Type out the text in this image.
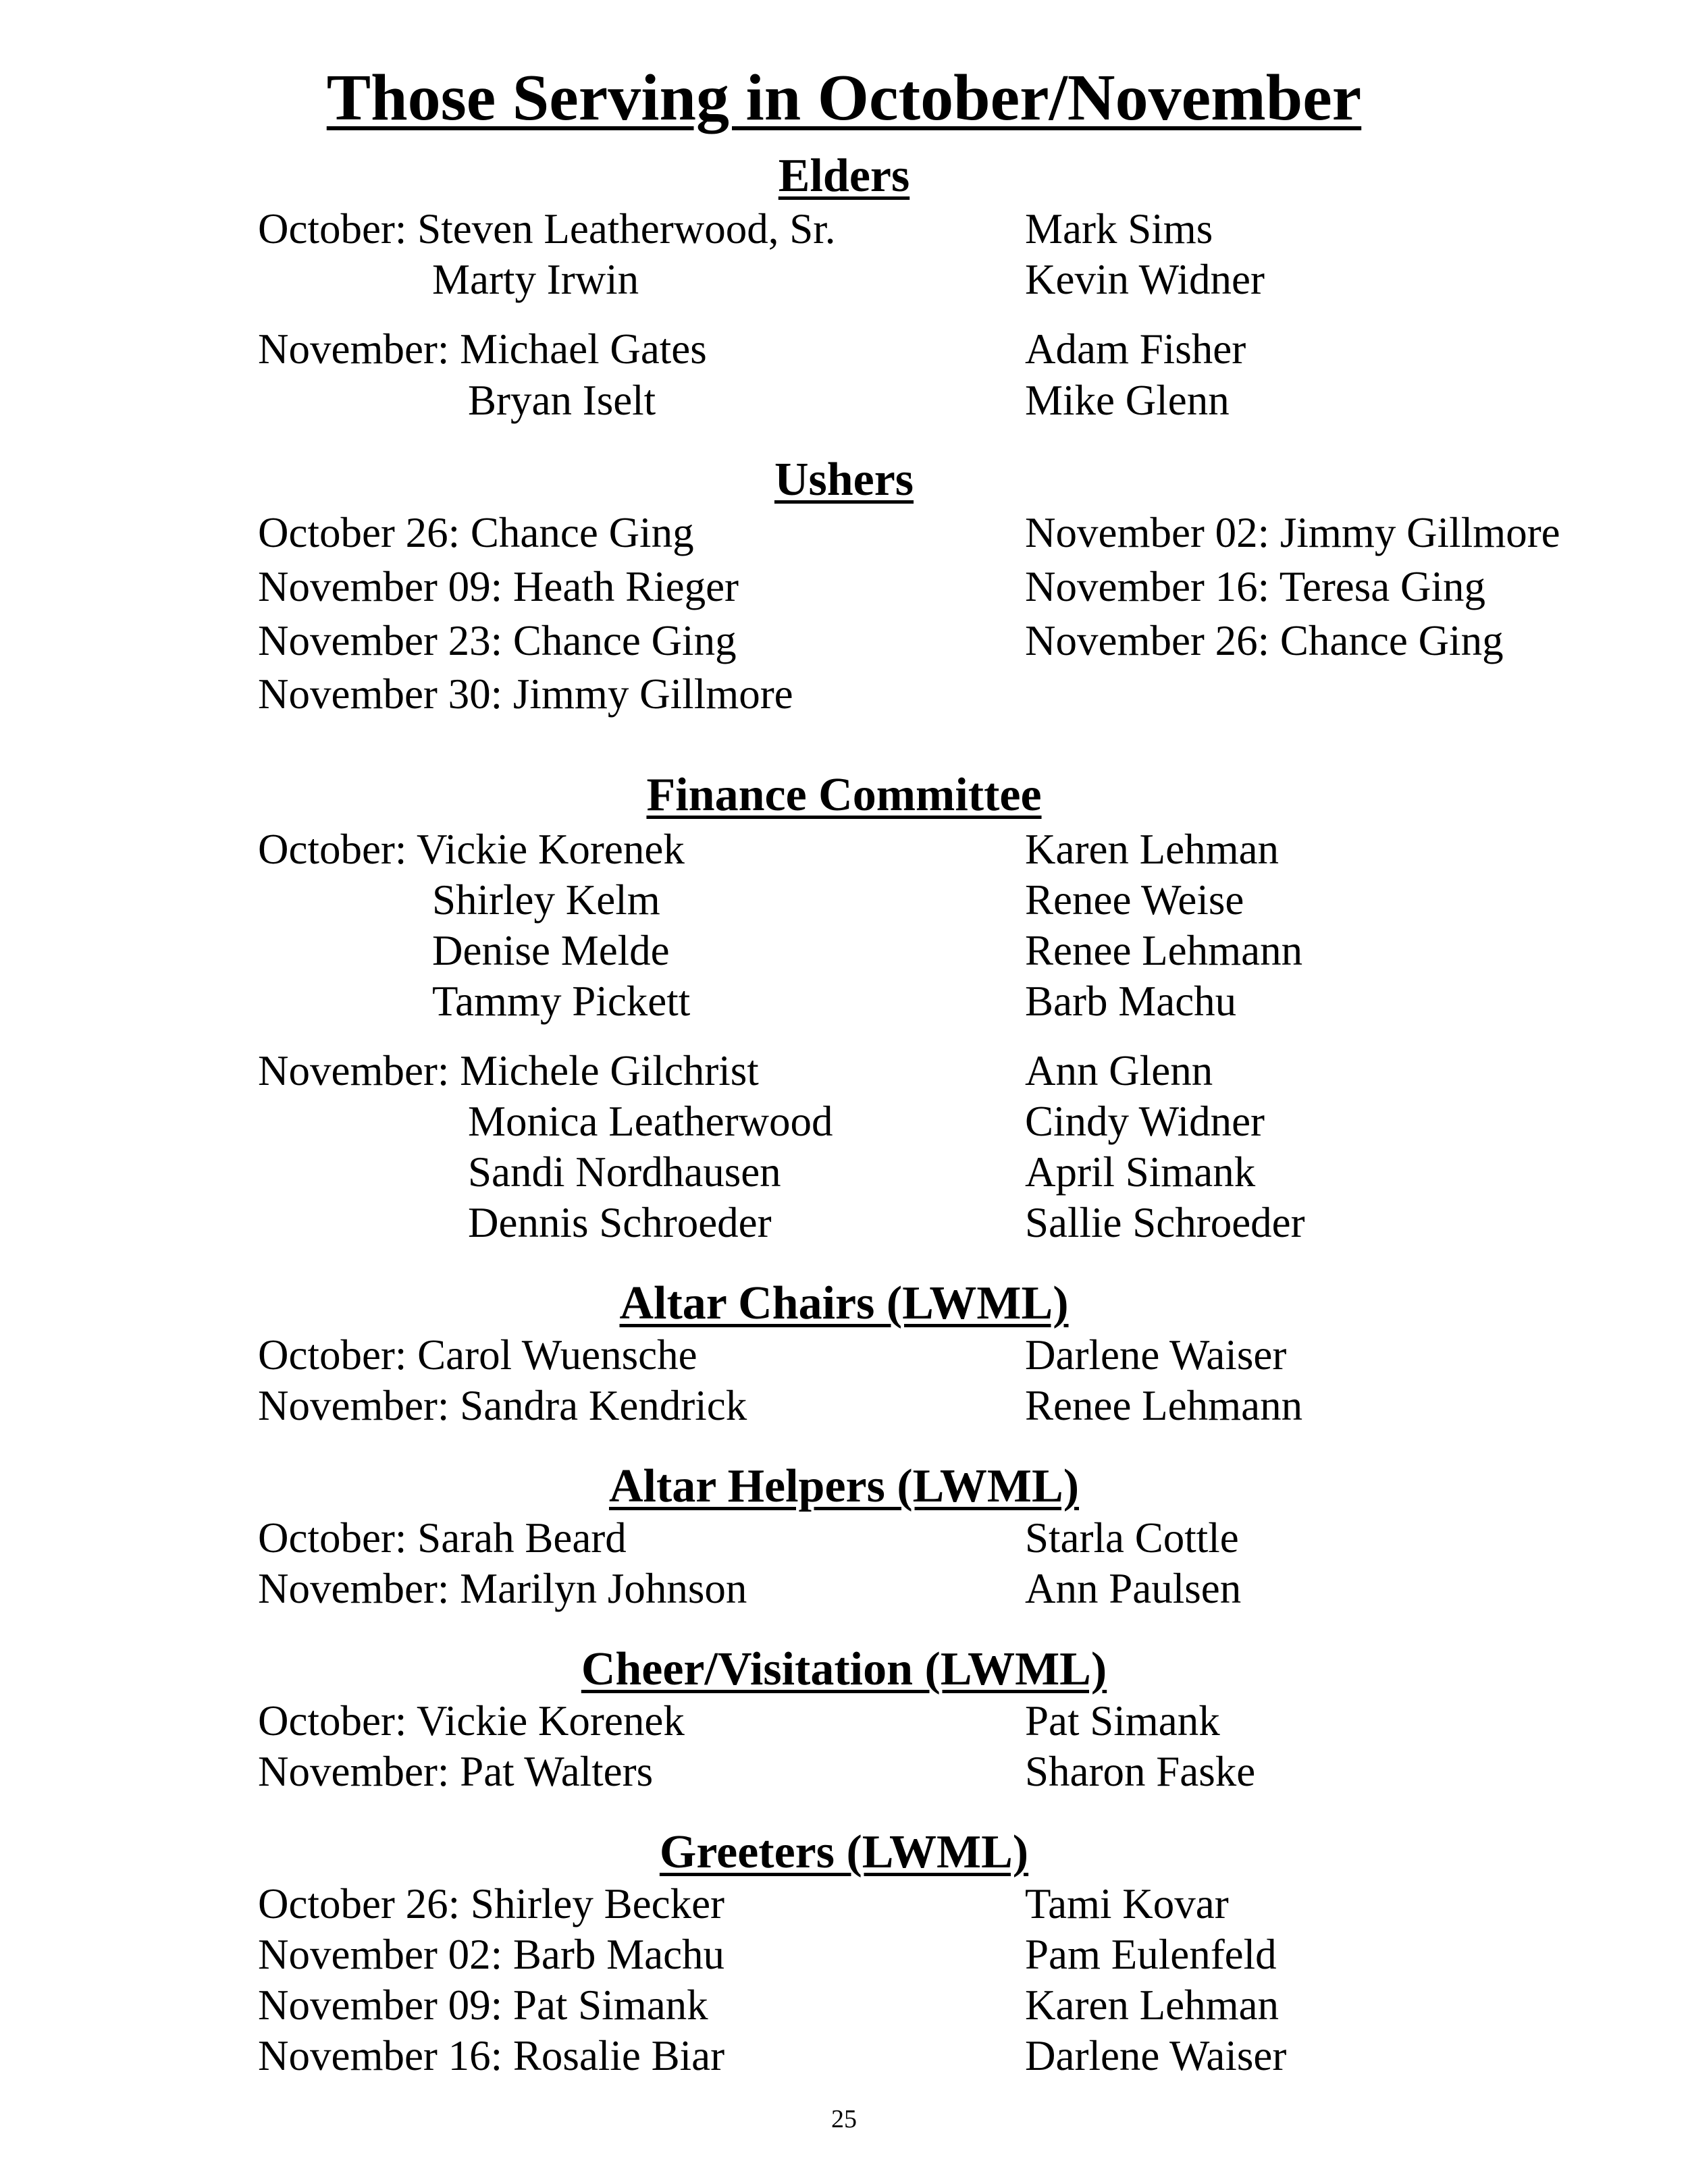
Those Serving in October/November
Elders
October: Steven Leatherwood, Sr.
Marty Irwin
November: Michael Gates
Bryan Iselt
Mark Sims
Kevin Widner
Adam Fisher
Mike Glenn
Ushers
October 26: Chance Ging
November 09: Heath Rieger
November 23: Chance Ging
November 30: Jimmy Gillmore
November 02: Jimmy Gillmore
November 16: Teresa Ging
November 26: Chance Ging
Finance Committee
October: Vickie Korenek
Shirley Kelm
Denise Melde
Tammy Pickett
November: Michele Gilchrist
Monica Leatherwood
Sandi Nordhausen
Dennis Schroeder
Karen Lehman
Renee Weise
Renee Lehmann
Barb Machu
Ann Glenn
Cindy Widner
April Simank
Sallie Schroeder
Altar Chairs (LWML)
October: Carol Wuensche
November: Sandra Kendrick
Darlene Waiser
Renee Lehmann
Altar Helpers (LWML)
October: Sarah Beard
November: Marilyn Johnson
Starla Cottle
Ann Paulsen
Cheer/Visitation (LWML)
October: Vickie Korenek
November: Pat Walters
Pat Simank
Sharon Faske
Greeters (LWML)
October 26: Shirley Becker
November 02: Barb Machu
November 09: Pat Simank
November 16: Rosalie Biar
Tami Kovar
Pam Eulenfeld
Karen Lehman
Darlene Waiser
25
